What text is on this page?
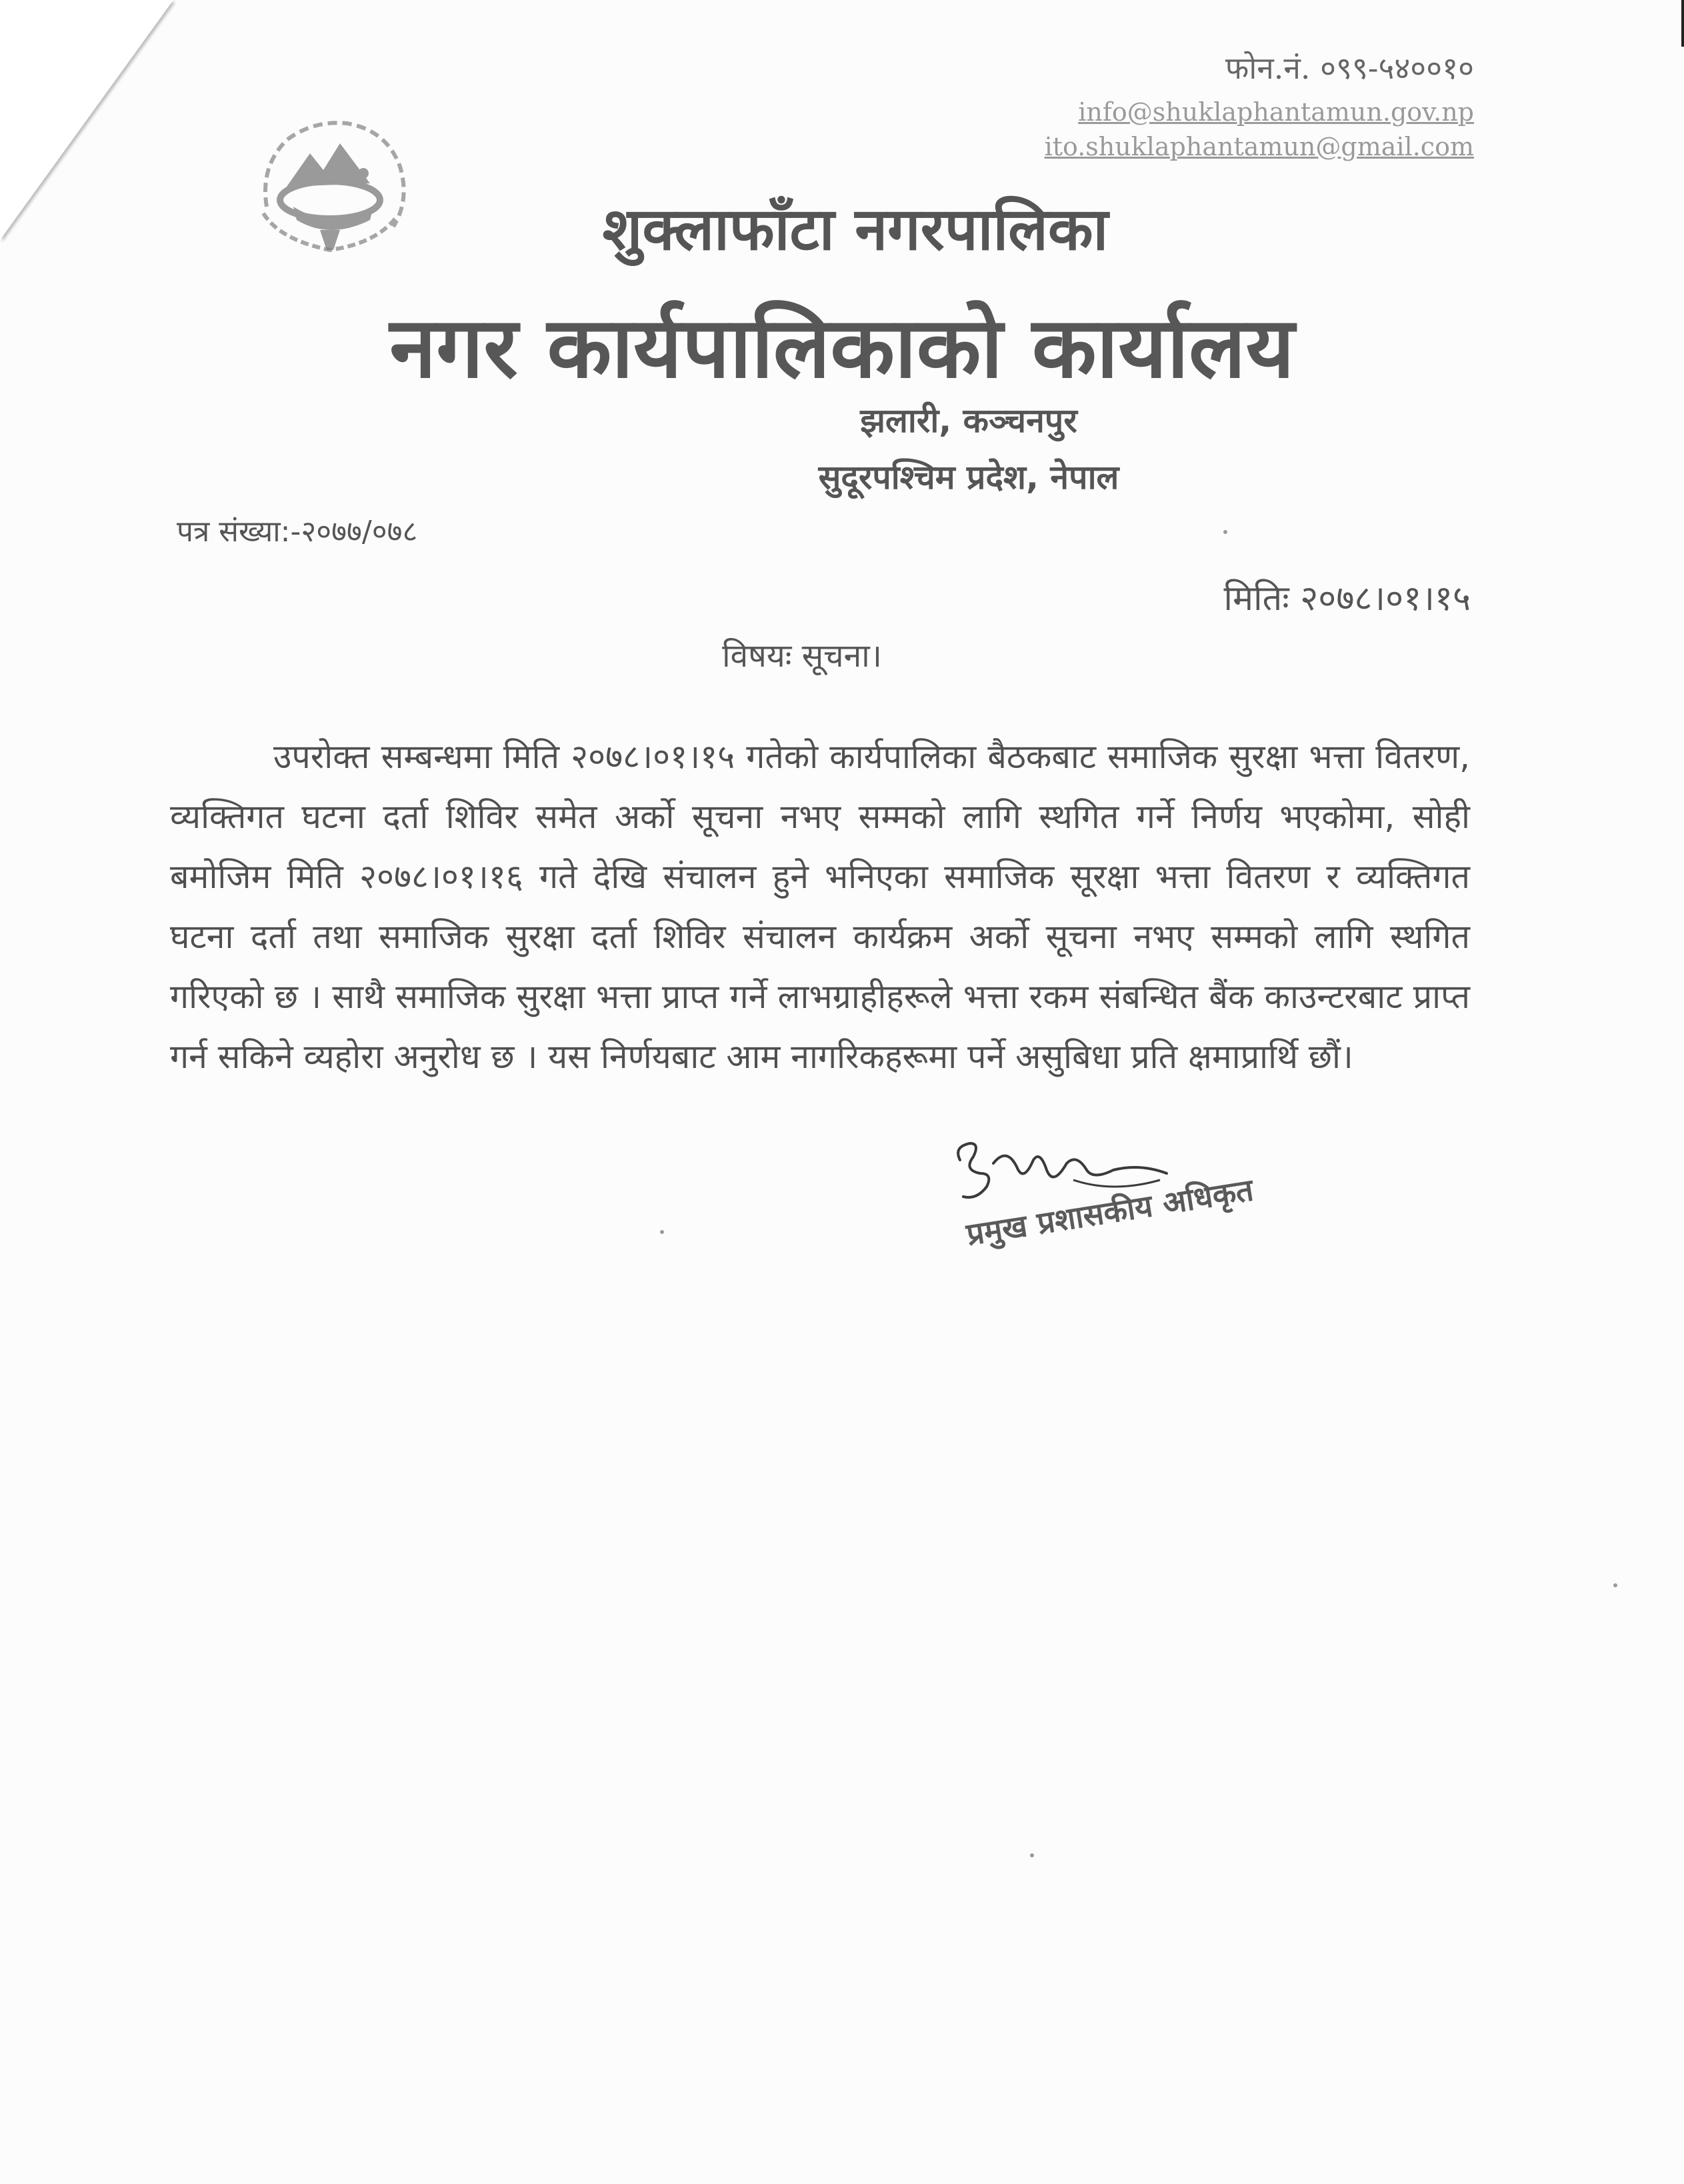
फोन.नं. ०९९-५४००१०
info@shuklaphantamun.gov.np
ito.shuklaphantamun@gmail.com
शुक्लाफाँटा नगरपालिका
नगर कार्यपालिकाको कार्यालय
झलारी, कञ्चनपुर
सुदूरपश्चिम प्रदेश, नेपाल
पत्र संख्या:-२०७७/०७८
मितिः २०७८।०१।१५
विषयः सूचना।

उपरोक्त सम्बन्धमा मिति २०७८।०१।१५ गतेको कार्यपालिका बैठकबाट समाजिक सुरक्षा भत्ता वितरण, व्यक्तिगत घटना दर्ता शिविर समेत अर्को सूचना नभए सम्मको लागि स्थगित गर्ने निर्णय भएकोमा, सोही बमोजिम मिति २०७८।०१।१६ गते देखि संचालन हुने भनिएका समाजिक सूरक्षा भत्ता वितरण र व्यक्तिगत घटना दर्ता तथा समाजिक सुरक्षा दर्ता शिविर संचालन कार्यक्रम अर्को सूचना नभए सम्मको लागि स्थगित गरिएको छ । साथै समाजिक सुरक्षा भत्ता प्राप्त गर्ने लाभग्राहीहरूले भत्ता रकम संबन्धित बैंक काउन्टरबाट प्राप्त गर्न सकिने व्यहोरा अनुरोध छ । यस निर्णयबाट आम नागरिकहरूमा पर्ने असुबिधा प्रति क्षमाप्रार्थि छौं।

प्रमुख प्रशासकीय अधिकृत
